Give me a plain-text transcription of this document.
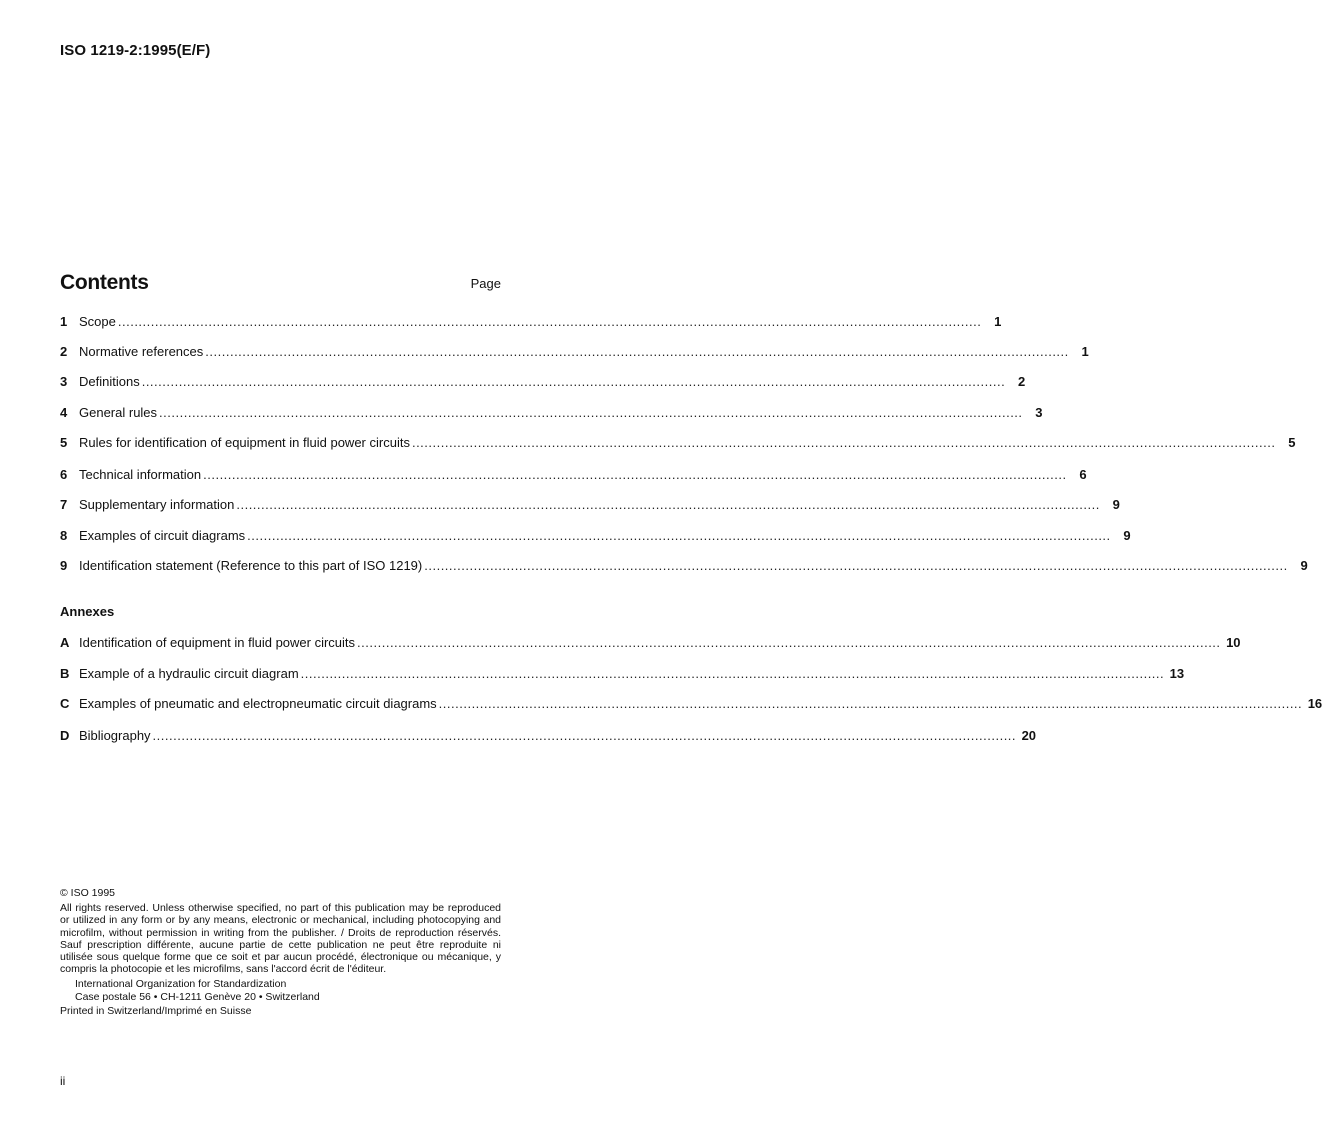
ISO 1219-2:1995(E/F)
Contents	Page
1 Scope .....	1
2 Normative references .....	1
3 Definitions .....	2
4 General rules .....	3
5 Rules for identification of equipment in fluid power circuits .....	5
6 Technical information .....	6
7 Supplementary information .....	9
8 Examples of circuit diagrams .....	9
9 Identification statement (Reference to this part of ISO 1219) .....	9
Annexes
A Identification of equipment in fluid power circuits .....	10
B Example of a hydraulic circuit diagram .....	13
C Examples of pneumatic and electropneumatic circuit diagrams .....	16
D Bibliography .....	20
© ISO 1995
All rights reserved. Unless otherwise specified, no part of this publication may be reproduced or utilized in any form or by any means, electronic or mechanical, including photocopying and microfilm, without permission in writing from the publisher. / Droits de reproduction réservés. Sauf prescription différente, aucune partie de cette publication ne peut être reproduite ni utilisée sous quelque forme que ce soit et par aucun procédé, électronique ou mécanique, y compris la photocopie et les microfilms, sans l'accord écrit de l'éditeur.
International Organization for Standardization
Case postale 56 • CH-1211 Genève 20 • Switzerland
Printed in Switzerland/Imprimé en Suisse
ii
